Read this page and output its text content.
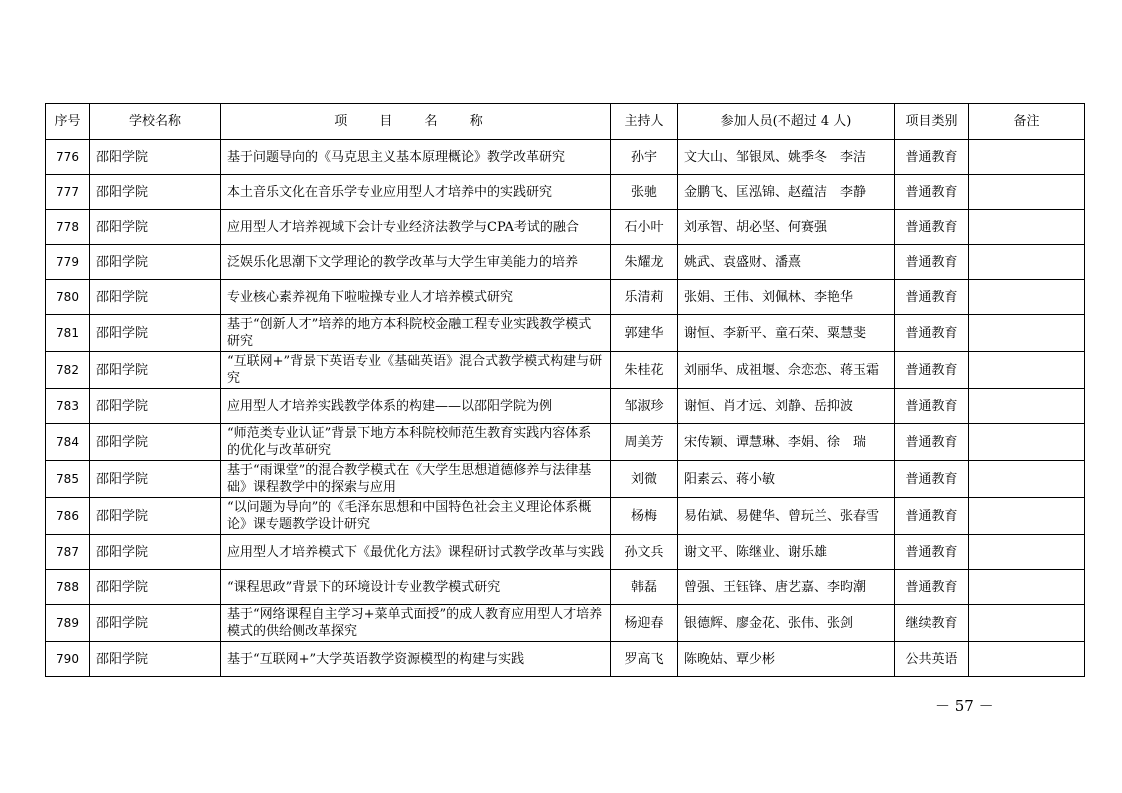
序号	学校名称	项 目 名 称	主持人	参加人员(不超过 4 人)	项目类别	备注
776	邵阳学院	基于问题导向的《马克思主义基本原理概论》教学改革研究	孙宇	文大山、邹银凤、姚季冬　李洁	普通教育	
777	邵阳学院	本土音乐文化在音乐学专业应用型人才培养中的实践研究	张驰	金鹏飞、匡泓锦、赵蕴洁　李静	普通教育	
778	邵阳学院	应用型人才培养视域下会计专业经济法教学与CPA考试的融合	石小叶	刘承智、胡必坚、何赛强	普通教育	
779	邵阳学院	泛娱乐化思潮下文学理论的教学改革与大学生审美能力的培养	朱耀龙	姚武、袁盛财、潘熹	普通教育	
780	邵阳学院	专业核心素养视角下啦啦操专业人才培养模式研究	乐清莉	张娟、王伟、刘佩林、李艳华	普通教育	
781	邵阳学院	基于“创新人才”培养的地方本科院校金融工程专业实践教学模式研究	郭建华	谢恒、李新平、童石荣、粟慧斐	普通教育	
782	邵阳学院	“互联网+”背景下英语专业《基础英语》混合式教学模式构建与研究	朱桂花	刘丽华、成祖堰、佘恋恋、蒋玉霜	普通教育	
783	邵阳学院	应用型人才培养实践教学体系的构建——以邵阳学院为例	邹淑珍	谢恒、肖才远、刘静、岳抑波	普通教育	
784	邵阳学院	“师范类专业认证”背景下地方本科院校师范生教育实践内容体系的优化与改革研究	周美芳	宋传颖、谭慧琳、李娟、徐　瑞	普通教育	
785	邵阳学院	基于“雨课堂”的混合教学模式在《大学生思想道德修养与法律基础》课程教学中的探索与应用	刘微	阳素云、蒋小敏	普通教育	
786	邵阳学院	“以问题为导向”的《毛泽东思想和中国特色社会主义理论体系概论》课专题教学设计研究	杨梅	易佑斌、易健华、曾玩兰、张春雪	普通教育	
787	邵阳学院	应用型人才培养模式下《最优化方法》课程研讨式教学改革与实践	孙文兵	谢文平、陈继业、谢乐雄	普通教育	
788	邵阳学院	“课程思政”背景下的环境设计专业教学模式研究	韩磊	曾强、王钰锋、唐艺嘉、李昀潮	普通教育	
789	邵阳学院	基于“网络课程自主学习+菜单式面授”的成人教育应用型人才培养模式的供给侧改革探究	杨迎春	银德辉、廖金花、张伟、张剑	继续教育	
790	邵阳学院	基于“互联网+”大学英语教学资源模型的构建与实践	罗高飞	陈晚姑、覃少彬	公共英语	
－ 57 －
